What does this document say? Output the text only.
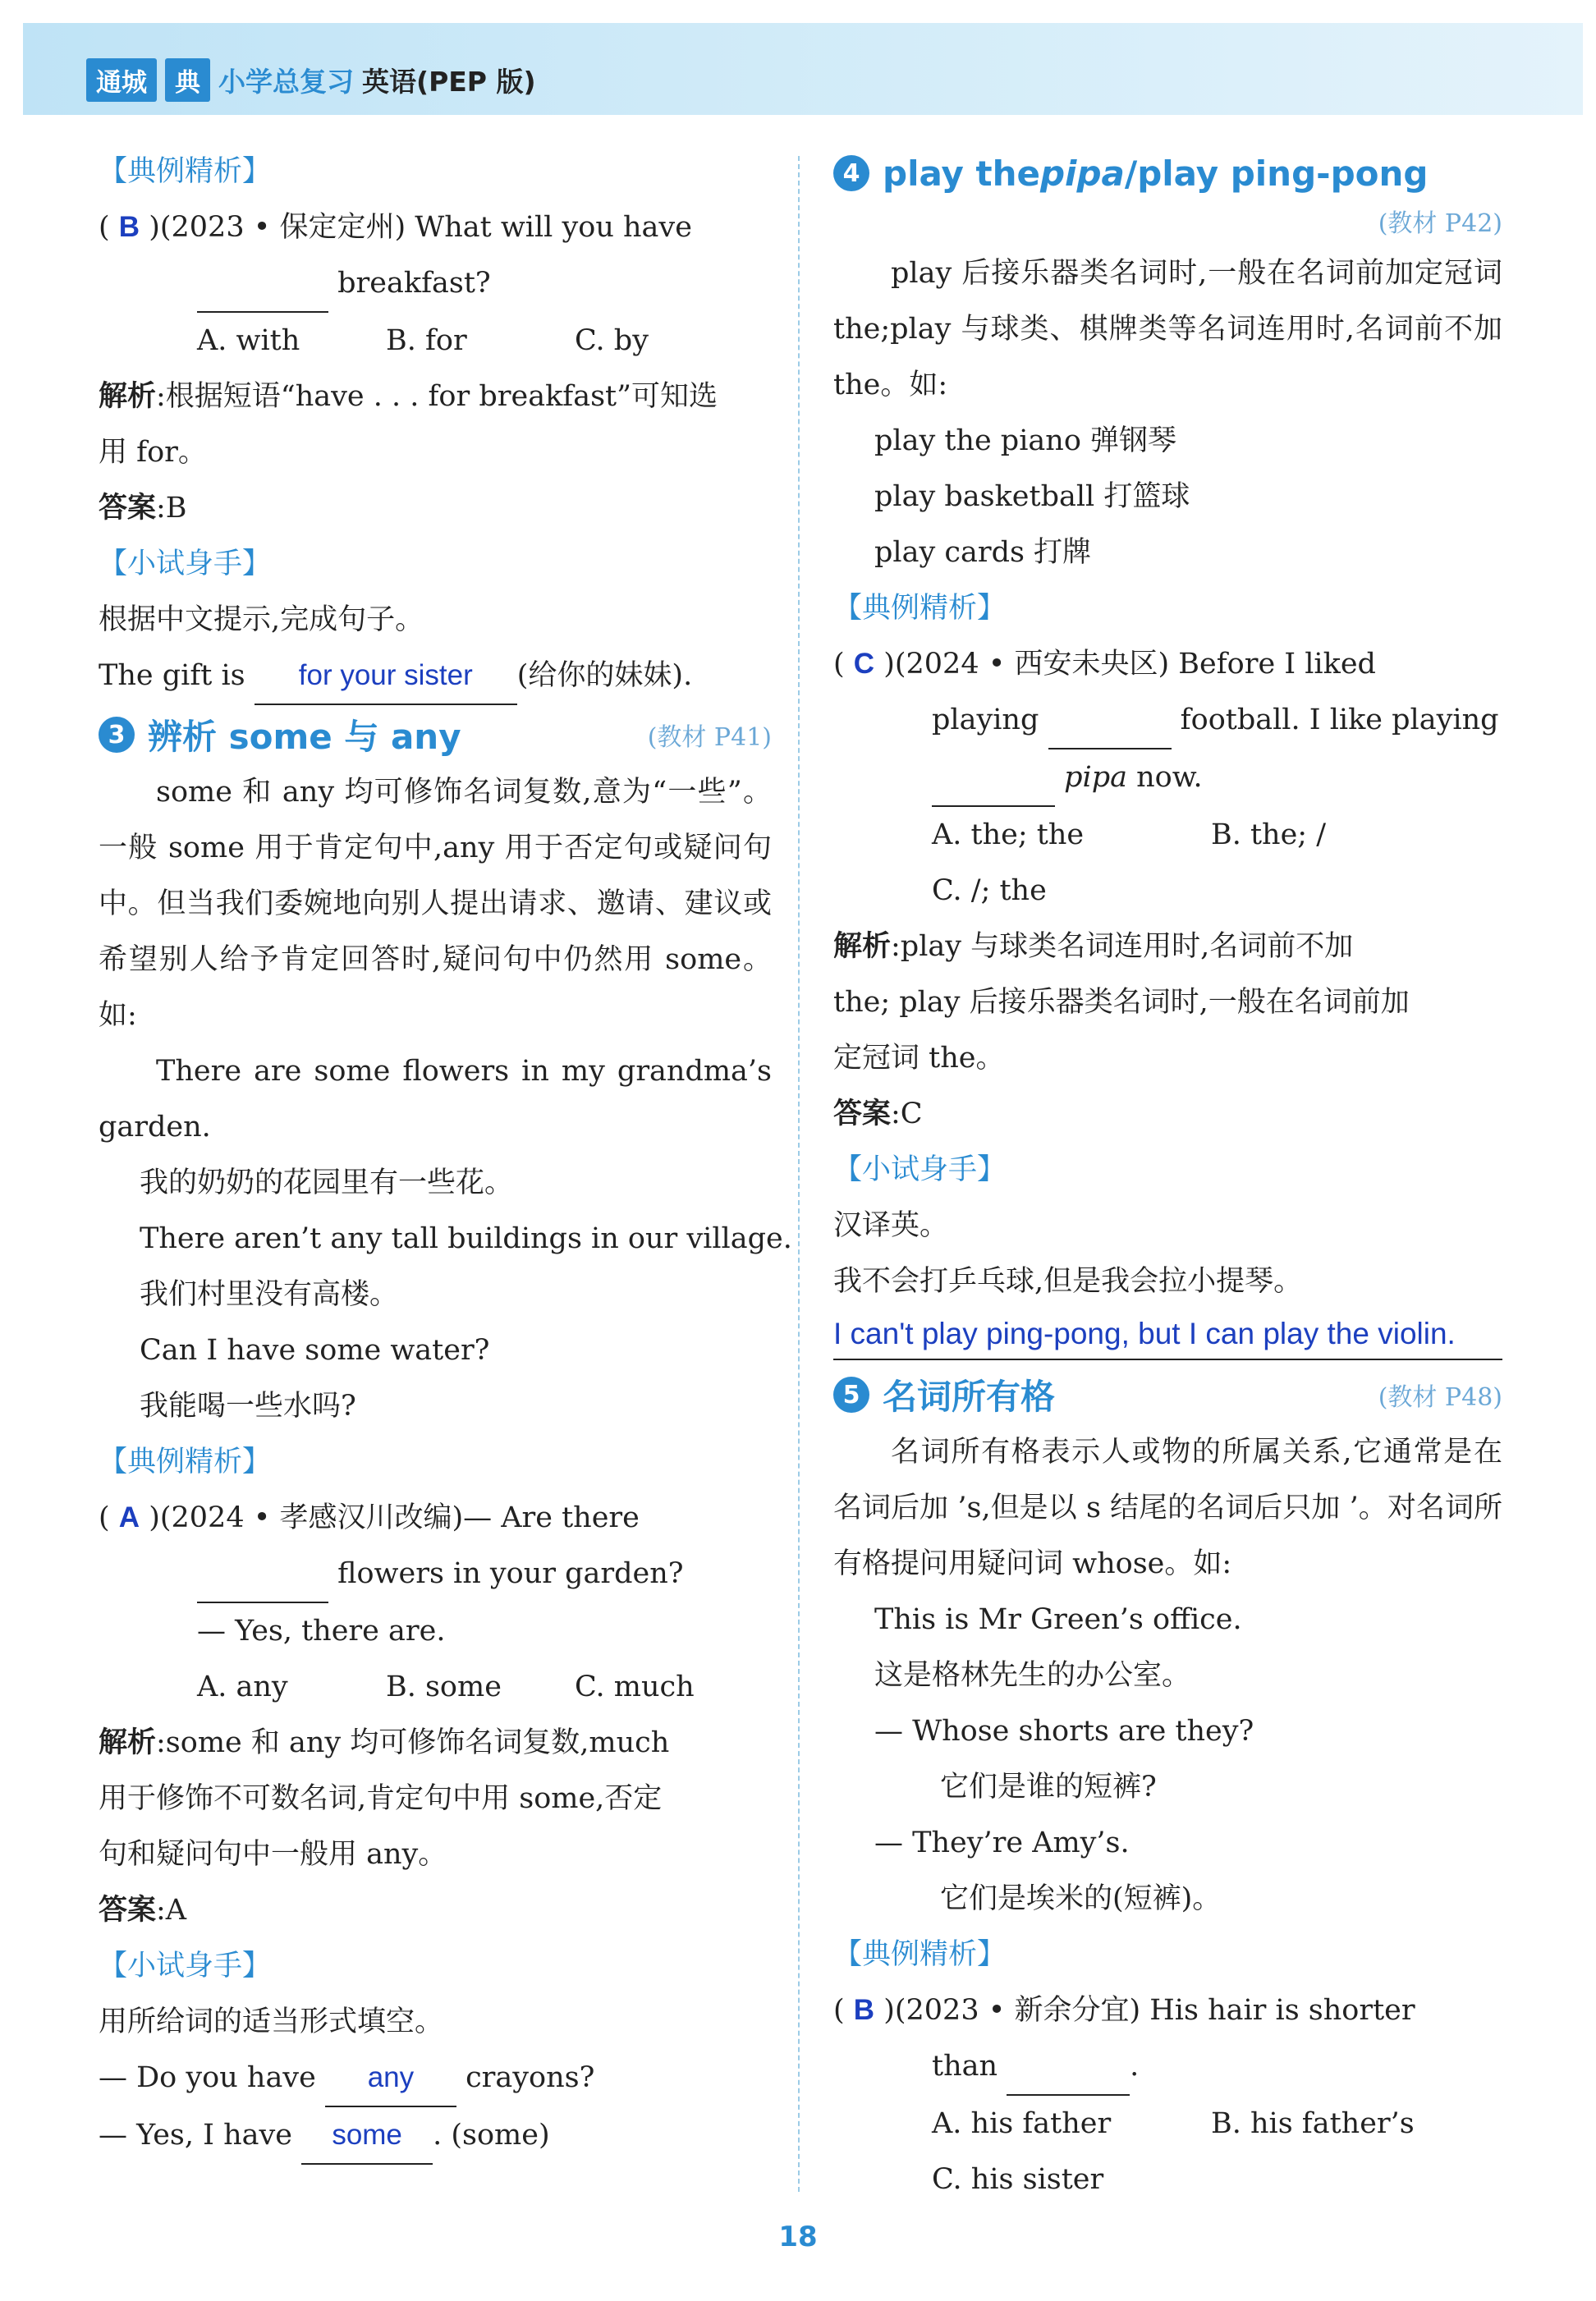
通城	典 小学总复习 英语(PEP 版)
【典例精析】
( B )(2023 • 保定定州) What will you have
breakfast?
A. with	B. for	C. by
解析:根据短语“have . . . for breakfast”可知选
用 for。
答案:B
【小试身手】
根据中文提示,完成句子。
The gift is for your sister (给你的妹妹).
3 辨析 some 与 any	(教材 P41)
some 和 any 均可修饰名词复数,意为“一些”。一般 some 用于肯定句中,any 用于否定句或疑问句中。但当我们委婉地向别人提出请求、邀请、建议或希望别人给予肯定回答时,疑问句中仍然用 some。如:
There are some flowers in my grandma’s garden.
我的奶奶的花园里有一些花。
There aren’t any tall buildings in our village.
我们村里没有高楼。
Can I have some water?
我能喝一些水吗?
【典例精析】
( A )(2024 • 孝感汉川改编)— Are there
flowers in your garden?
— Yes, there are.
A. any	B. some	C. much
解析:some 和 any 均可修饰名词复数,much
用于修饰不可数名词,肯定句中用 some,否定
句和疑问句中一般用 any。
答案:A
【小试身手】
用所给词的适当形式填空。
— Do you have any crayons?
— Yes, I have some . (some)
4 play the pipa /play ping-pong
(教材 P42)
play 后接乐器类名词时,一般在名词前加定冠词 the;play 与球类、棋牌类等名词连用时,名词前不加 the。如:
play the piano 弹钢琴
play basketball 打篮球
play cards 打牌
【典例精析】
( C )(2024 • 西安未央区) Before I liked
playing	football. I like playing
pipa now.
A. the; the	B. the; /
C. /; the
解析:play 与球类名词连用时,名词前不加
the; play 后接乐器类名词时,一般在名词前加
定冠词 the。
答案:C
【小试身手】
汉译英。
我不会打乒乓球,但是我会拉小提琴。
I can't play ping-pong, but I can play the violin.
5 名词所有格	(教材 P48)
名词所有格表示人或物的所属关系,它通常是在名词后加 ’s,但是以 s 结尾的名词后只加 ’。对名词所有格提问用疑问词 whose。如:
This is Mr Green’s office.
这是格林先生的办公室。
— Whose shorts are they?
它们是谁的短裤?
— They’re Amy’s.
它们是埃米的(短裤)。
【典例精析】
( B )(2023 • 新余分宜) His hair is shorter
than	.
A. his father	B. his father’s
C. his sister
18
